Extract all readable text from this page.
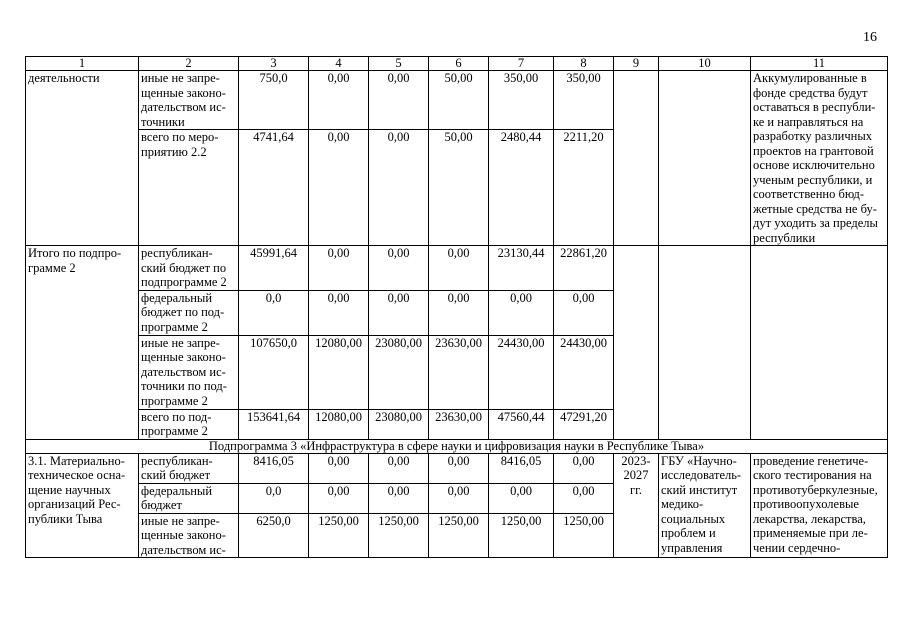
16
1	2	3	4	5	6	7	8	9	10	11
деятельности	иные не запре-щенные законо-дательством ис-точники	750,0	0,00	0,00	50,00	350,00	350,00			Аккумулированные в фонде средства будут оставаться в республи-ке и направляться на разработку различных проектов на грантовой основе исключительно ученым республики, и соответственно бюд-жетные средства не бу-дут уходить за пределы республики
	всего по меро-приятию 2.2	4741,64	0,00	0,00	50,00	2480,44	2211,20			
Итого по подпро-грамме 2	республикан-ский бюджет по подпрограмме 2	45991,64	0,00	0,00	0,00	23130,44	22861,20			
	федеральный бюджет по под-программе 2	0,0	0,00	0,00	0,00	0,00	0,00			
	иные не запре-щенные законо-дательством ис-точники по под-программе 2	107650,0	12080,00	23080,00	23630,00	24430,00	24430,00			
	всего по под-программе 2	153641,64	12080,00	23080,00	23630,00	47560,44	47291,20			
Подпрограмма 3 «Инфраструктура в сфере науки и цифровизация науки в Республике Тыва»										
3.1. Материально-техническое осна-щение научных организаций Рес-публики Тыва	республикан-ский бюджет	8416,05	0,00	0,00	0,00	8416,05	0,00	2023-2027 гг.	ГБУ «Научно-исследователь-ский институт медико-социальных проблем и управления	проведение генетиче-ского тестирования на противотуберкулезные, противоопухолевые лекарства, лекарства, применяемые при ле-чении сердечно-
	федеральный бюджет	0,0	0,00	0,00	0,00	0,00	0,00			
	иные не запре-щенные законо-дательством ис-	6250,0	1250,00	1250,00	1250,00	1250,00	1250,00			
